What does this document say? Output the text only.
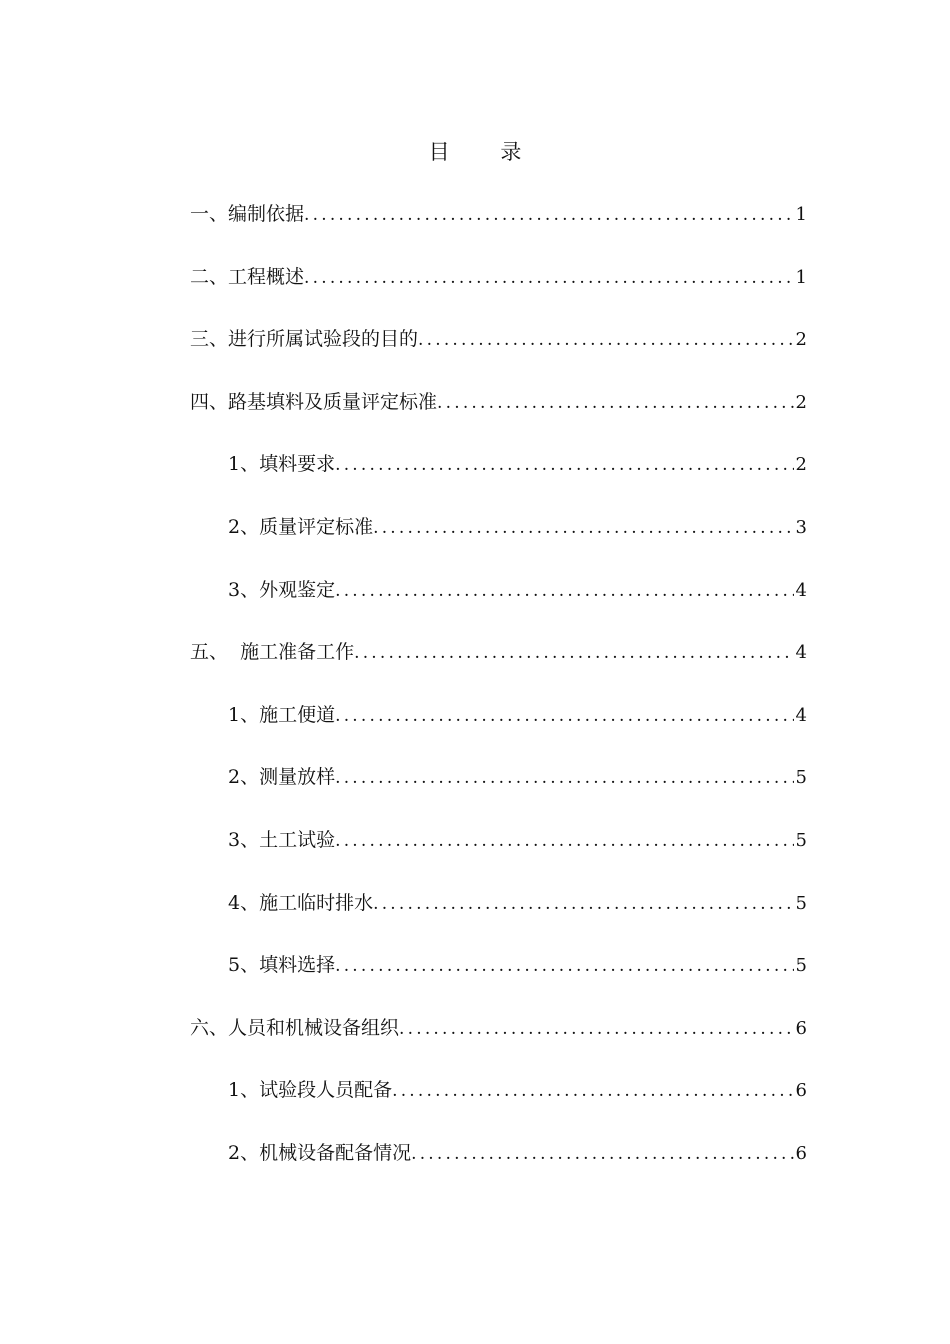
目 录
一、编制依据 .....	1
二、工程概述 .....	1
三、进行所属试验段的目的 .....	2
四、路基填料及质量评定标准 .....	2
1、填料要求 .....	2
2、质量评定标准 .....	3
3、外观鉴定 .....	4
五、  施工准备工作 .....	4
1、施工便道 .....	4
2、测量放样 .....	5
3、土工试验 .....	5
4、施工临时排水 .....	5
5、填料选择 .....	5
六、人员和机械设备组织 .....	6
1、试验段人员配备 .....	6
2、机械设备配备情况 .....	6
